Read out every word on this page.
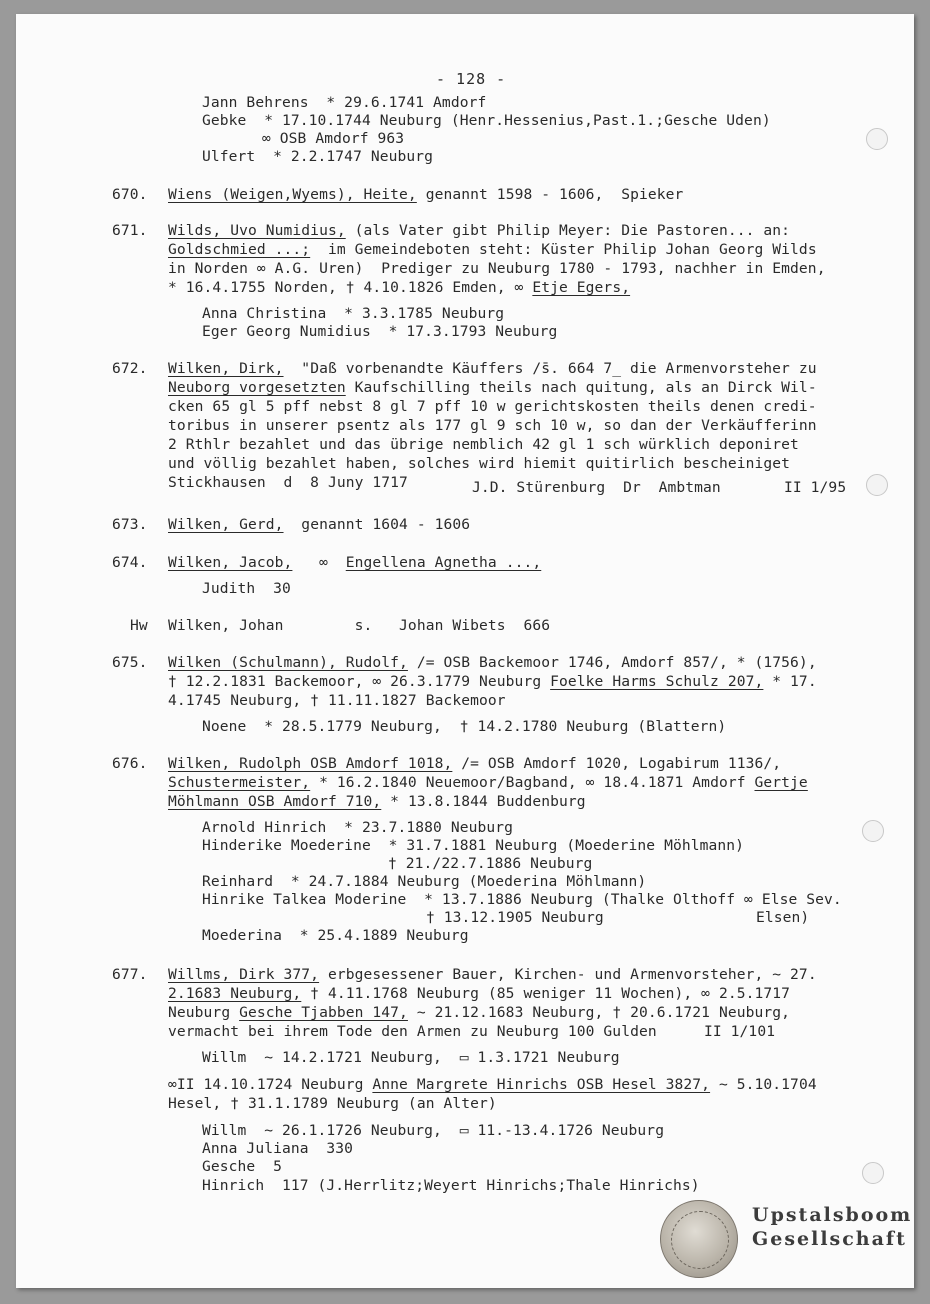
- 128 -
Jann Behrens  * 29.6.1741 Amdorf
Gebke  * 17.10.1744 Neuburg (Henr.Hessenius,Past.1.;Gesche Uden)
∞ OSB Amdorf 963
Ulfert  * 2.2.1747 Neuburg
670. Wiens (Weigen,Wyems), Heite, genannt 1598 - 1606,  Spieker
671. Wilds, Uvo Numidius, (als Vater gibt Philip Meyer: Die Pastoren... an:
Goldschmied ...;  im Gemeindeboten steht: Küster Philip Johan Georg Wilds
in Norden ∞ A.G. Uren)  Prediger zu Neuburg 1780 - 1793, nachher in Emden,
* 16.4.1755 Norden, † 4.10.1826 Emden, ∞ Etje Egers,
Anna Christina  * 3.3.1785 Neuburg
Eger Georg Numidius  * 17.3.1793 Neuburg
672. Wilken, Dirk,  "Daß vorbenandte Käuffers /̄s. 664 7̲ die Armenvorsteher zu
Neuborg vorgesetzten Kaufschilling theils nach quitung, als an Dirck Wil-
cken 65 gl 5 pff nebst 8 gl 7 pff 10 w gerichtskosten theils denen credi-
toribus in unserer psentz als 177 gl 9 sch 10 w, so dan der Verkäufferinn
2 Rthlr bezahlet und das übrige nemblich 42 gl 1 sch würklich deponiret
und völlig bezahlet haben, solches wird hiemit quitirlich bescheiniget
Stickhausen  d  8 Juny 1717	J.D. Stürenburg  Dr  Ambtman	II 1/95
673. Wilken, Gerd,  genannt 1604 - 1606
674. Wilken, Jacob,   ∞  Engellena Agnetha ...,
Judith  30
Hw Wilken, Johan        s.   Johan Wibets  666
675. Wilken (Schulmann), Rudolf, /= OSB Backemoor 1746, Amdorf 857/, * (1756),
† 12.2.1831 Backemoor, ∞ 26.3.1779 Neuburg Foelke Harms Schulz 207, * 17.
4.1745 Neuburg, † 11.11.1827 Backemoor
Noene  * 28.5.1779 Neuburg,  † 14.2.1780 Neuburg (Blattern)
676. Wilken, Rudolph OSB Amdorf 1018, /= OSB Amdorf 1020, Logabirum 1136/,
Schustermeister, * 16.2.1840 Neuemoor/Bagband, ∞ 18.4.1871 Amdorf Gertje
Möhlmann OSB Amdorf 710, * 13.8.1844 Buddenburg
Arnold Hinrich  * 23.7.1880 Neuburg
Hinderike Moederine  * 31.7.1881 Neuburg (Moederine Möhlmann)
† 21./22.7.1886 Neuburg
Reinhard  * 24.7.1884 Neuburg (Moederina Möhlmann)
Hinrike Talkea Moderine  * 13.7.1886 Neuburg (Thalke Olthoff ∞ Else Sev.
† 13.12.1905 Neuburg	Elsen)
Moederina  * 25.4.1889 Neuburg
677. Willms, Dirk 377, erbgesessener Bauer, Kirchen- und Armenvorsteher, ~ 27.
2.1683 Neuburg, † 4.11.1768 Neuburg (85 weniger 11 Wochen), ∞ 2.5.1717
Neuburg Gesche Tjabben 147, ~ 21.12.1683 Neuburg, † 20.6.1721 Neuburg,
vermacht bei ihrem Tode den Armen zu Neuburg 100 Gulden	II 1/101
Willm  ~ 14.2.1721 Neuburg,  ▭ 1.3.1721 Neuburg
∞II 14.10.1724 Neuburg Anne Margrete Hinrichs OSB Hesel 3827, ~ 5.10.1704
Hesel, † 31.1.1789 Neuburg (an Alter)
Willm  ~ 26.1.1726 Neuburg,  ▭ 11.-13.4.1726 Neuburg
Anna Juliana  330
Gesche  5
Hinrich  117 (J.Herrlitz;Weyert Hinrichs;Thale Hinrichs)
Upstalsboom
Gesellschaft
